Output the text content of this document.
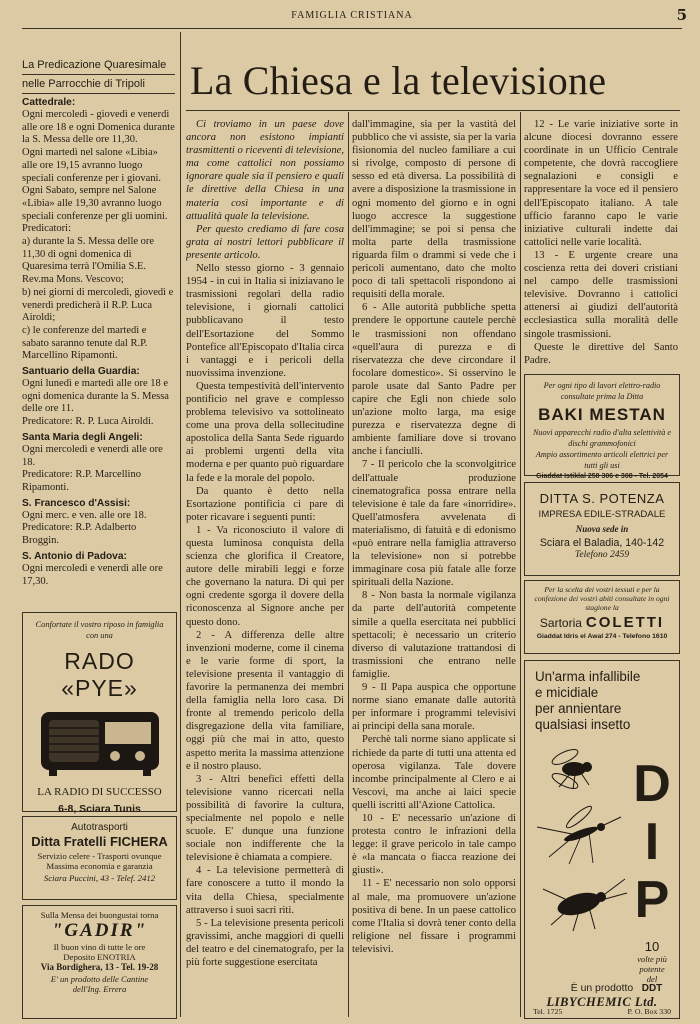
FAMIGLIA CRISTIANA	5
La Chiesa e la televisione
La Predicazione Quaresimale
nelle Parrocchie di Tripoli
Cattedrale:
Ogni mercoledì - giovedì e venerdì alle ore 18 e ogni Domenica durante la S. Messa delle ore 11,30.
Ogni martedì nel salone «Libia» alle ore 19,15 avranno luogo speciali conferenze per i giovani.
Ogni Sabato, sempre nel Salone «Libia» alle 19,30 avranno luogo speciali conferenze per gli uomini.
Predicatori:
a) durante la S. Messa delle ore 11,30 di ogni domenica di Quaresima terrà l'Omilia S.E. Rev.ma Mons. Vescovo;
b) nei giorni di mercoledì, giovedì e venerdì predicherà il R.P. Luca Airoldi;
c) le conferenze del martedì e sabato saranno tenute dal R.P. Marcellino Ripamonti.
Santuario della Guardia:
Ogni lunedì e martedì alle ore 18 e ogni domenica durante la S. Messa delle ore 11.
Predicatore: R. P. Luca Airoldi.
Santa Maria degli Angeli:
Ogni mercoledì e venerdì alle ore 18.
Predicatore: R.P. Marcellino Ripamonti.
S. Francesco d'Assisi:
Ogni merc. e ven. alle ore 18.
Predicatore: R.P. Adalberto Broggin.
S. Antonio di Padova:
Ogni mercoledì e venerdì alle ore 17,30.
Confortate il vostro riposo in famiglia con una
RADO «PYE»
LA RADIO DI SUCCESSO
6-8, Sciara Tunis
Autotrasporti
Ditta Fratelli FICHERA
Servizio celere - Trasporti ovunque
Massima economia e garanzia
Sciara Puccini, 43 - Telef. 2412
Sulla Mensa dei buongustai torna
"GADIR"
Il buon vino di tutte le ore
Deposito ENOTRIA
Via Bordighera, 13 - Tel. 19-28
E' un prodotto delle Cantine dell'Ing. Errera

Ci troviamo in un paese dove ancora non esistono impianti trasmittenti o riceventi di televisione, ma come cattolici non possiamo ignorare quale sia il pensiero e quali le direttive della Chiesa in una materia così importante e di attualità quale la televisione.

Per questo crediamo di fare cosa grata ai nostri lettori pubblicare il presente articolo.

Nello stesso giorno - 3 gennaio 1954 - in cui in Italia si iniziavano le trasmissioni regolari della radio televisione, i giornali cattolici pubblicavano il testo dell'Esortazione del Sommo Pontefice all'Episcopato d'Italia circa i vantaggi e i pericoli della nuovissima invenzione.

Questa tempestività dell'intervento pontificio nel grave e complesso problema televisivo va sottolineato come una prova della sollecitudine apostolica della Santa Sede riguardo ai problemi urgenti della vita moderna e per quanto può riguardare la fede e la morale del popolo.

Da quanto è detto nella Esortazione pontificia ci pare di poter ricavare i seguenti punti:

1 - Va riconosciuto il valore di questa luminosa conquista della scienza che glorifica il Creatore, autore delle mirabili leggi e forze che governano la natura. Di qui per ogni credente sgorga il dovere della riconoscenza al Signore anche per questo dono.

2 - A differenza delle altre invenzioni moderne, come il cinema e le varie forme di sport, la televisione presenta il vantaggio di favorire la permanenza dei membri della famiglia nella loro casa. Di fronte al tremendo pericolo della disgregazione della vita familiare, oggi più che mai in atto, questo aspetto merita la massima attenzione e il nostro plauso.

3 - Altri benefici effetti della televisione vanno ricercati nella possibilità di favorire la cultura, specialmente nel popolo e nelle scuole. E' dunque una funzione sociale non indifferente che la televisione è chiamata a compiere.

4 - La televisione permetterà di fare conoscere a tutto il mondo la vita della Chiesa, specialmente attraverso i suoi sacri riti.

5 - La televisione presenta pericoli gravissimi, anche maggiori di quelli del teatro e del cinematografo, per la più forte suggestione esercitata

dall'immagine, sia per la vastità del pubblico che vi assiste, sia per la varia fisionomia del nucleo familiare a cui si rivolge, composto di persone di sesso ed età diversa. La possibilità di avere a disposizione la trasmissione in ogni momento del giorno e in ogni luogo accresce la suggestione dell'immagine; se poi si pensa che molta parte della trasmissione riguarda film o drammi si vede che i pericoli aumentano, dato che molto poco di tali spettacoli rispondono ai requisiti della morale.

6 - Alle autorità pubbliche spetta prendere le opportune cautele perchè le trasmissioni non offendano «quell'aura di purezza e di riservatezza che deve circondare il focolare domestico». Si osservino le parole usate dal Santo Padre per capire che Egli non chiede solo un'azione molto larga, ma esige purezza e riservatezza degne di ambiente familiare dove si trovano anche i fanciulli.

7 - Il pericolo che la sconvolgitrice dell'attuale produzione cinematografica possa entrare nella televisione è tale da fare «inorridire». Quell'atmosfera avvelenata di materialismo, di fatuità e di edonismo «può entrare nella famiglia attraverso la televisione» non si potrebbe immaginare cosa più fatale alle forze spirituali della Nazione.

8 - Non basta la normale vigilanza da parte dell'autorità competente simile a quella esercitata nei pubblici spettacoli; è necessario un criterio diverso di valutazione trattandosi di trasmissioni che entrano nelle famiglie.

9 - Il Papa auspica che opportune norme siano emanate dalle autorità per informare i programmi televisivi ai principi della sana morale.

Perchè tali norme siano applicate si richiede da parte di tutti una attenta ed operosa vigilanza. Tale dovere incombe principalmente al Clero e ai Vescovi, ma anche ai laici specie quelli iscritti all'Azione Cattolica.

10 - E' necessario un'azione di protesta contro le infrazioni della legge: il grave pericolo in tale campo è «la mancata o fiacca reazione dei giusti».

11 - E' necessario non solo opporsi al male, ma promuovere un'azione positiva di bene. In un paese cattolico come l'Italia si dovrà tener conto della religione nel fissare i programmi televisivi.

12 - Le varie iniziative sorte in alcune diocesi dovranno essere coordinate in un Ufficio Centrale competente, che dovrà raccogliere segnalazioni e consigli e rappresentare la voce ed il pensiero dell'Episcopato italiano. A tale ufficio faranno capo le varie iniziative culturali indette dai cattolici nelle varie località.

13 - E urgente creare una coscienza retta dei doveri cristiani nel campo delle trasmissioni televisive. Dovranno i cattolici attenersi ai giudizi dell'autorità ecclesiastica sulla moralità delle singole trasmissioni.

Queste le direttive del Santo Padre.

Per ogni tipo di lavori elettro-radio consultate prima la Ditta
BAKI MESTAN
Nuovi apparecchi radio d'alta selettività e dischi grammofonici
Ampio assortimento articoli elettrici per tutti gli usi
Giaddat Istiklal 258 306 e 308 - Tel. 2054
DITTA S. POTENZA
IMPRESA EDILE-STRADALE
Nuova sede in
Sciara el Baladia, 140-142
Telefono 2459
Per la scelta dei vostri tessuti e per la confezione dei vostri abiti consultate in ogni stagione la
Sartoria COLETTI
Giaddat Idris el Awal 274 - Telefono 1610
Un'arma infallibile
e micidiale
per annientare
qualsiasi insetto
D
I
P
10
volte più
potente
del
DDT
È un prodotto
LIBYCHEMIC Ltd.
Tel. 1725	P. O. Box 330
